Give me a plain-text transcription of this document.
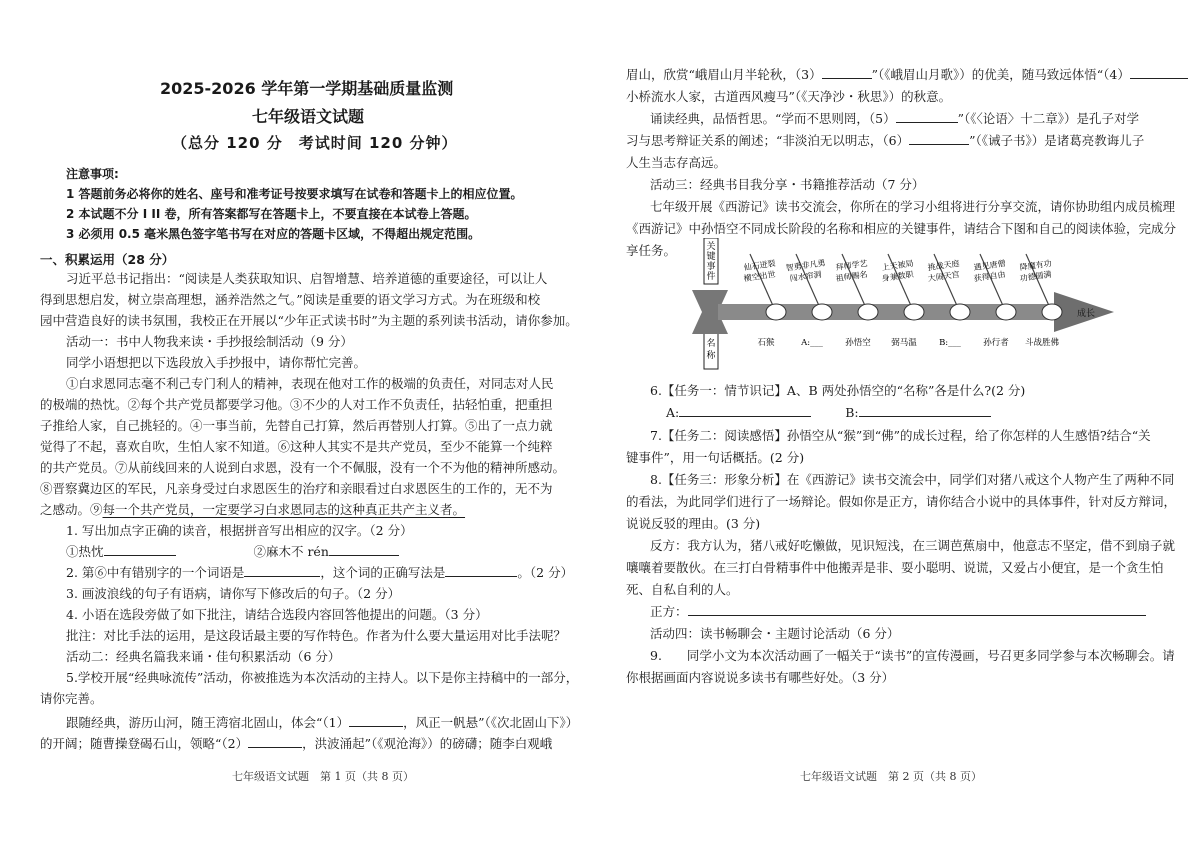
2025-2026 学年第一学期基础质量监测
七年级语文试题
（总分 120 分　考试时间 120 分钟）
注意事项:
1 答题前务必将你的姓名、座号和准考证号按要求填写在试卷和答题卡上的相应位置。
2 本试题不分 I II 卷，所有答案都写在答题卡上，不要直接在本试卷上答题。
3 必须用 0.5 毫米黑色签字笔书写在对应的答题卡区域，不得超出规定范围。
一、积累运用（28 分）
习近平总书记指出：“阅读是人类获取知识、启智增慧、培养道德的重要途径，可以让人
得到思想启发，树立崇高理想，涵养浩然之气。”阅读是重要的语文学习方式。为在班级和校
园中营造良好的读书氛围，我校正在开展以“少年正式读书时”为主题的系列读书活动，请你参加。
活动一：书中人物我来读・手抄报绘制活动（9 分）
同学小语想把以下选段放入手抄报中，请你帮忙完善。
①白求恩同志毫不利己专门利人的精神，表现在他对工作的极端的负责任，对同志对人民
的极端的热忱。②每个共产党员都要学习他。③不少的人对工作不负责任，拈轻怕重，把重担
子推给人家，自己挑轻的。④一事当前，先替自己打算，然后再替别人打算。⑤出了一点力就
觉得了不起，喜欢自吹，生怕人家不知道。⑥这种人其实不是共产党员，至少不能算一个纯粹
的共产党员。⑦从前线回来的人说到白求恩，没有一个不佩服，没有一个不为他的精神所感动。
⑧晋察冀边区的军民，凡亲身受过白求恩医生的治疗和亲眼看过白求恩医生的工作的，无不为
之感动。⑨每一个共产党员，一定要学习白求恩同志的这种真正共产主义者。
1. 写出加点字正确的读音，根据拼音写出相应的汉字。（2 分）
①热忱	②麻木不 rén
2. 第⑥中有错别字的一个词语是	，这个词的正确写法是	。（2 分）
3. 画波浪线的句子有语病，请你写下修改后的句子。（2 分）
4. 小语在选段旁做了如下批注，请结合选段内容回答他提出的问题。（3 分）
批注：对比手法的运用，是这段话最主要的写作特色。作者为什么要大量运用对比手法呢？
活动二：经典名篇我来诵・佳句积累活动（6 分）
5.学校开展“经典咏流传”活动，你被推选为本次活动的主持人。以下是你主持稿中的一部分，
请你完善。
跟随经典，游历山河，随王湾宿北固山，体会“（1）	，风正一帆悬”（《次北固山下》）
的开阔；随曹操登碣石山，领略“（2）	，洪波涌起”（《观沧海》）的磅礴；随李白观峨
七年级语文试题　第 1 页（共 8 页）
眉山，欣赏“峨眉山月半轮秋，（3）	”（《峨眉山月歌》）的优美，随马致远体悟“（4）
小桥流水人家，古道西风瘦马”（《天净沙・秋思》）的秋意。
诵读经典，品悟哲思。“学而不思则罔，（5）	”（《〈论语〉十二章》）是孔子对学
习与思考辩证关系的阐述；“非淡泊无以明志，（6）	”（《诫子书》）是诸葛亮教诲儿子
人生当志存高远。
活动三：经典书目我分享・书籍推荐活动（7 分）
七年级开展《西游记》读书交流会，你所在的学习小组将进行分享交流，请你协助组内成员梳理
《西游记》中孙悟空不同成长阶段的名称和相应的关键事件，请结合下图和自己的阅读体验，完成分
享任务。	关键事件
名称
成长
仙石迸裂
横空出世
石猴
智勇非凡勇
闯水帘洞
A:___
拜师学艺
祖师赐名
孙悟空
上天被局
身兼数职
弼马温
挑战天庭
大闹天宫
B:___
遇见唐僧
获得自由
孙行者
降魔有功
功德圆满
斗战胜佛
6.【任务一：情节识记】A、B 两处孙悟空的“名称”各是什么?(2 分)
A:	B:
7.【任务二：阅读感悟】孙悟空从“猴”到“佛”的成长过程，给了你怎样的人生感悟?结合“关
键事件”，用一句话概括。(2 分)
8.【任务三：形象分析】在《西游记》读书交流会中，同学们对猪八戒这个人物产生了两种不同
的看法，为此同学们进行了一场辩论。假如你是正方，请你结合小说中的具体事件，针对反方辩词，
说说反驳的理由。(3 分)
反方：我方认为，猪八戒好吃懒做，见识短浅，在三调芭蕉扇中，他意志不坚定，借不到扇子就
嚷嚷着要散伙。在三打白骨精事件中他搬弄是非、耍小聪明、说谎，又爱占小便宜，是一个贪生怕
死、自私自利的人。
正方：
活动四：读书畅聊会・主题讨论活动（6 分）
9.　　同学小文为本次活动画了一幅关于“读书”的宣传漫画，号召更多同学参与本次畅聊会。请
你根据画面内容说说多读书有哪些好处。（3 分）
七年级语文试题　第 2 页（共 8 页）
